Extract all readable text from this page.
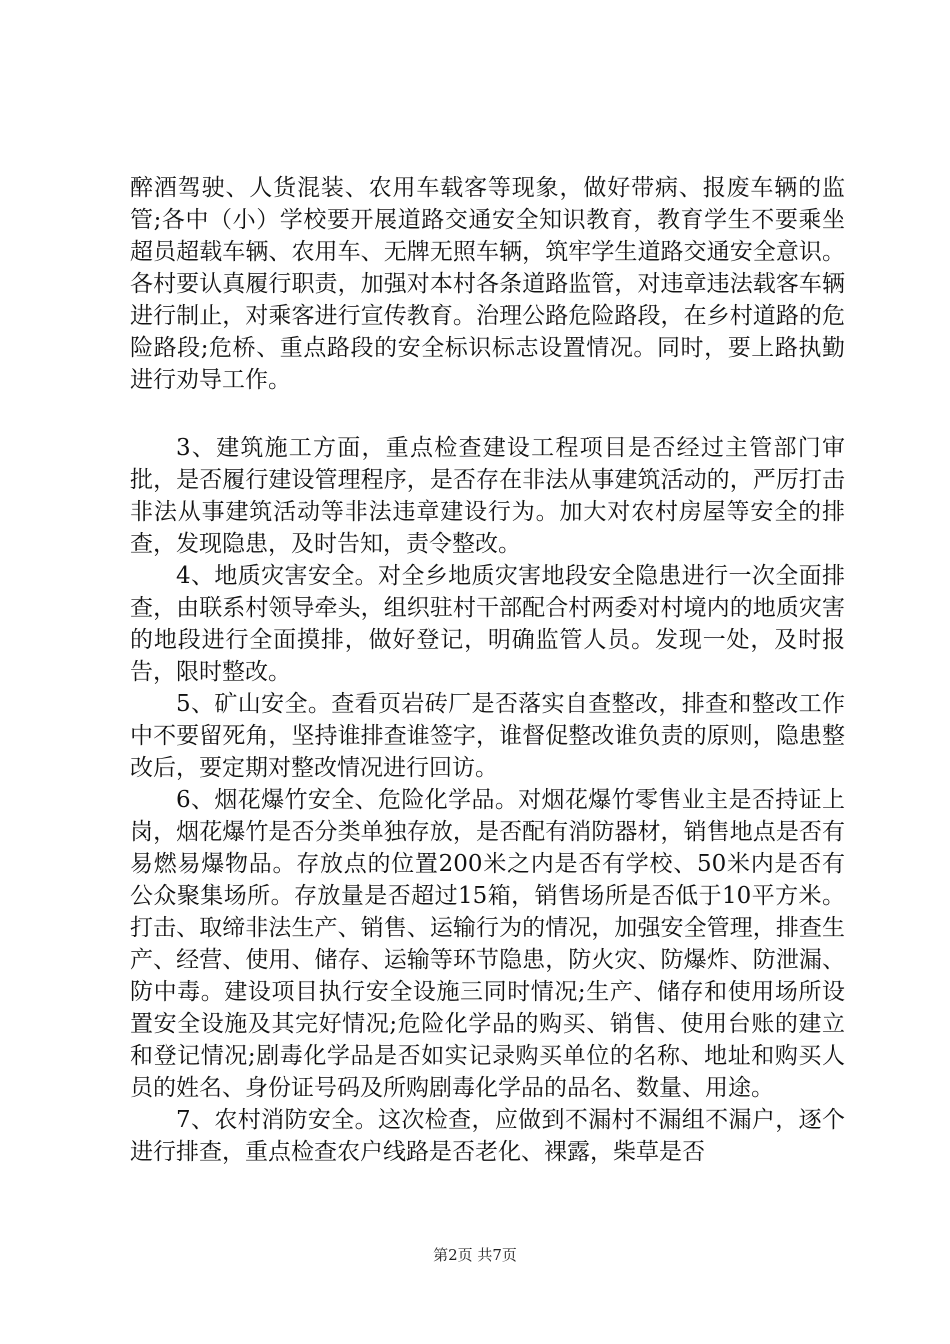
醉酒驾驶、人货混装、农用车载客等现象，做好带病、报废车辆的监管;各中（小）学校要开展道路交通安全知识教育，教育学生不要乘坐超员超载车辆、农用车、无牌无照车辆，筑牢学生道路交通安全意识。各村要认真履行职责，加强对本村各条道路监管，对违章违法载客车辆进行制止，对乘客进行宣传教育。治理公路危险路段，在乡村道路的危险路段;危桥、重点路段的安全标识标志设置情况。同时，要上路执勤进行劝导工作。

3、建筑施工方面，重点检查建设工程项目是否经过主管部门审批，是否履行建设管理程序，是否存在非法从事建筑活动的，严厉打击非法从事建筑活动等非法违章建设行为。加大对农村房屋等安全的排查，发现隐患，及时告知，责令整改。

4、地质灾害安全。对全乡地质灾害地段安全隐患进行一次全面排查，由联系村领导牵头，组织驻村干部配合村两委对村境内的地质灾害的地段进行全面摸排，做好登记，明确监管人员。发现一处，及时报告，限时整改。

5、矿山安全。查看页岩砖厂是否落实自查整改，排查和整改工作中不要留死角，坚持谁排查谁签字，谁督促整改谁负责的原则，隐患整改后，要定期对整改情况进行回访。

6、烟花爆竹安全、危险化学品。对烟花爆竹零售业主是否持证上岗，烟花爆竹是否分类单独存放，是否配有消防器材，销售地点是否有易燃易爆物品。存放点的位置200米之内是否有学校、50米内是否有公众聚集场所。存放量是否超过15箱，销售场所是否低于10平方米。打击、取缔非法生产、销售、运输行为的情况，加强安全管理，排查生产、经营、使用、储存、运输等环节隐患，防火灾、防爆炸、防泄漏、防中毒。建设项目执行安全设施三同时情况;生产、储存和使用场所设置安全设施及其完好情况;危险化学品的购买、销售、使用台账的建立和登记情况;剧毒化学品是否如实记录购买单位的名称、地址和购买人员的姓名、身份证号码及所购剧毒化学品的品名、数量、用途。

7、农村消防安全。这次检查，应做到不漏村不漏组不漏户，逐个进行排查，重点检查农户线路是否老化、裸露，柴草是否

第2页 共7页
